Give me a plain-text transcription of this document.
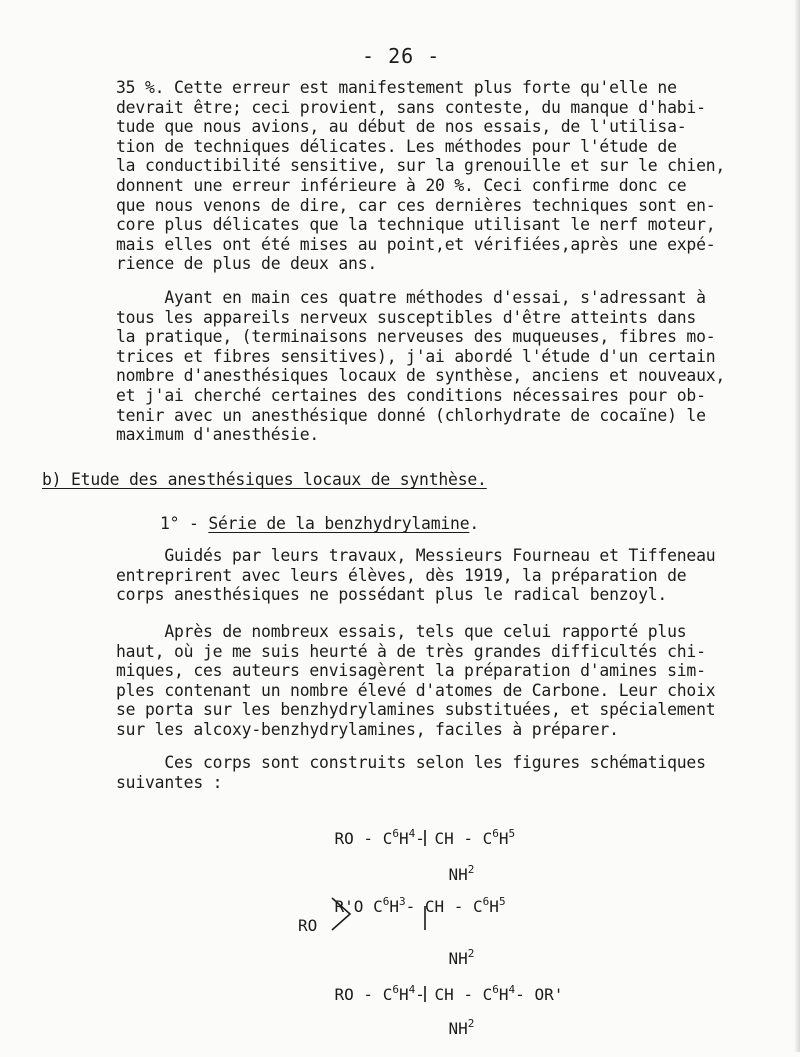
- 26 -
35 %. Cette erreur est manifestement plus forte qu'elle ne
devrait être; ceci provient, sans conteste, du manque d'habi-
tude que nous avions, au début de nos essais, de l'utilisa-
tion de techniques délicates. Les méthodes pour l'étude de
la conductibilité sensitive, sur la grenouille et sur le chien,
donnent une erreur inférieure à 20 %. Ceci confirme donc ce
que nous venons de dire, car ces dernières techniques sont en-
core plus délicates que la technique utilisant le nerf moteur,
mais elles ont été mises au point,et vérifiées,après une expé-
rience de plus de deux ans.
Ayant en main ces quatre méthodes d'essai, s'adressant à
tous les appareils nerveux susceptibles d'être atteints dans
la pratique, (terminaisons nerveuses des muqueuses, fibres mo-
trices et fibres sensitives), j'ai abordé l'étude d'un certain
nombre d'anesthésiques locaux de synthèse, anciens et nouveaux,
et j'ai cherché certaines des conditions nécessaires pour ob-
tenir avec un anesthésique donné (chlorhydrate de cocaïne) le
maximum d'anesthésie.
b) Etude des anesthésiques locaux de synthèse.
1° - Série de la benzhydrylamine.
Guidés par leurs travaux, Messieurs Fourneau et Tiffeneau
entreprirent avec leurs élèves, dès 1919, la préparation de
corps anesthésiques ne possédant plus le radical benzoyl.
Après de nombreux essais, tels que celui rapporté plus
haut, où je me suis heurté à de très grandes difficultés chi-
miques, ces auteurs envisagèrent la préparation d'amines sim-
ples contenant un nombre élevé d'atomes de Carbone. Leur choix
se porta sur les benzhydrylamines substituées, et spécialement
sur les alcoxy-benzhydrylamines, faciles à préparer.
Ces corps sont construits selon les figures schématiques
suivantes :

RO - $C^6H^4-$ CH - $C^6H^5$

$NH^2$

R'O $C^6H^3-$ CH - $C^6H^5$

RO

$NH^2$

RO - $C^6H^4-$ CH - $C^6H^4-$ OR'

$NH^2$
